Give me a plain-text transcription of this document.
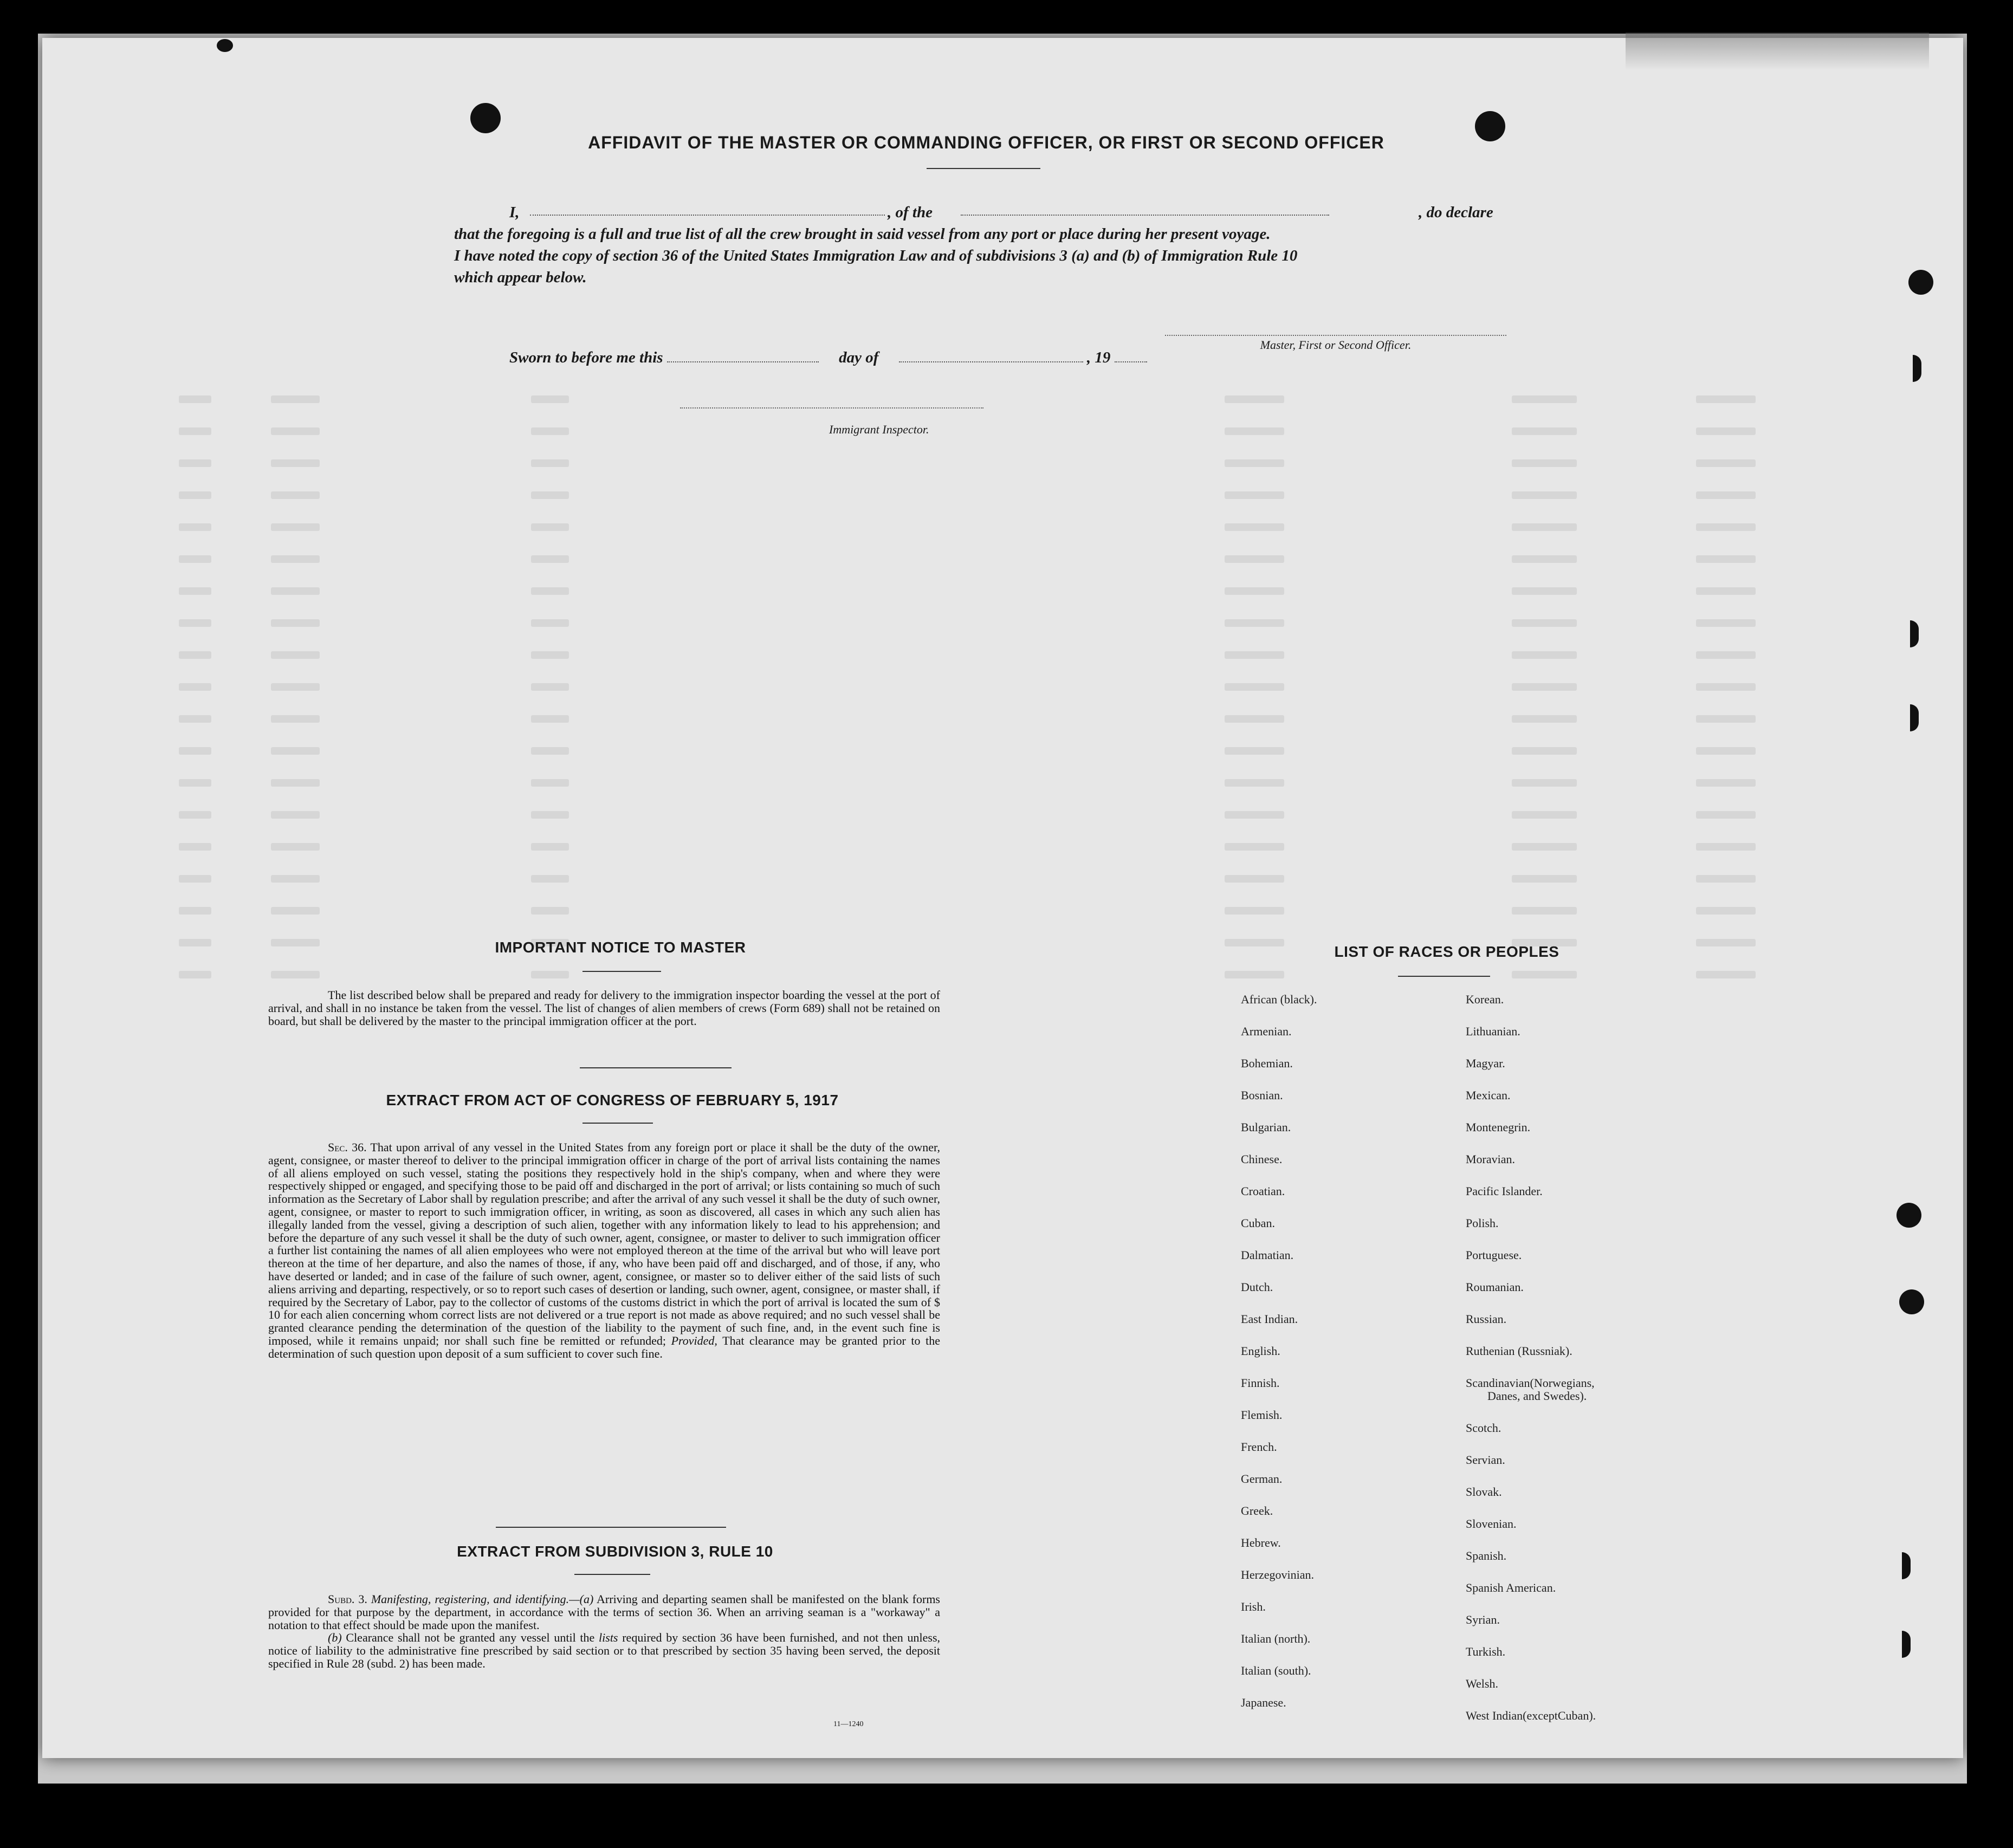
AFFIDAVIT OF THE MASTER OR COMMANDING OFFICER, OR FIRST OR SECOND OFFICER
I,	, of the	, do declare
that the foregoing is a full and true list of all the crew brought in said vessel from any port or place during her present voyage.
I have noted the copy of section 36 of the United States Immigration Law and of subdivisions 3 (a) and (b) of Immigration Rule 10
which appear below.
Master, First or Second Officer.
Sworn to before me this	day of	, 19
Immigrant Inspector.
IMPORTANT NOTICE TO MASTER

The list described below shall be prepared and ready for delivery to the immigration inspector boarding the vessel at the port of arrival, and shall in no instance be taken from the vessel. The list of changes of alien members of crews (Form 689) shall not be retained on board, but shall be delivered by the master to the principal immigration officer at the port.

EXTRACT FROM ACT OF CONGRESS OF FEBRUARY 5, 1917

Sec. 36. That upon arrival of any vessel in the United States from any foreign port or place it shall be the duty of the owner, agent, consignee, or master thereof to deliver to the principal immigration officer in charge of the port of arrival lists containing the names of all aliens employed on such vessel, stating the positions they respectively hold in the ship's company, when and where they were respectively shipped or engaged, and specifying those to be paid off and discharged in the port of arrival; or lists containing so much of such information as the Secretary of Labor shall by regulation prescribe; and after the arrival of any such vessel it shall be the duty of such owner, agent, consignee, or master to report to such immigration officer, in writing, as soon as discovered, all cases in which any such alien has illegally landed from the vessel, giving a description of such alien, together with any information likely to lead to his apprehension; and before the departure of any such vessel it shall be the duty of such owner, agent, consignee, or master to deliver to such immigration officer a further list containing the names of all alien employees who were not employed thereon at the time of the arrival but who will leave port thereon at the time of her departure, and also the names of those, if any, who have been paid off and discharged, and of those, if any, who have deserted or landed; and in case of the failure of such owner, agent, consignee, or master so to deliver either of the said lists of such aliens arriving and departing, respectively, or so to report such cases of desertion or landing, such owner, agent, consignee, or master shall, if required by the Secretary of Labor, pay to the collector of customs of the customs district in which the port of arrival is located the sum of $ 10 for each alien concerning whom correct lists are not delivered or a true report is not made as above required; and no such vessel shall be granted clearance pending the determination of the question of the liability to the payment of such fine, and, in the event such fine is imposed, while it remains unpaid; nor shall such fine be remitted or refunded; Provided, That clearance may be granted prior to the determination of such question upon deposit of a sum sufficient to cover such fine.

EXTRACT FROM SUBDIVISION 3, RULE 10

Subd. 3. Manifesting, registering, and identifying.—(a) Arriving and departing seamen shall be manifested on the blank forms provided for that purpose by the department, in accordance with the terms of section 36. When an arriving seaman is a "workaway" a notation to that effect should be made upon the manifest.

(b) Clearance shall not be granted any vessel until the lists required by section 36 have been furnished, and not then unless, notice of liability to the administrative fine prescribed by said section or to that prescribed by section 35 having been served, the deposit specified in Rule 28 (subd. 2) has been made.

11—1240
LIST OF RACES OR PEOPLES
African (black).
Armenian.
Bohemian.
Bosnian.
Bulgarian.
Chinese.
Croatian.
Cuban.
Dalmatian.
Dutch.
East Indian.
English.
Finnish.
Flemish.
French.
German.
Greek.
Hebrew.
Herzegovinian.
Irish.
Italian (north).
Italian (south).
Japanese.
Korean.
Lithuanian.
Magyar.
Mexican.
Montenegrin.
Moravian.
Pacific Islander.
Polish.
Portuguese.
Roumanian.
Russian.
Ruthenian (Russniak).
Scandinavian(Norwegians,
Danes, and Swedes).
Scotch.
Servian.
Slovak.
Slovenian.
Spanish.
Spanish American.
Syrian.
Turkish.
Welsh.
West Indian(exceptCuban).
